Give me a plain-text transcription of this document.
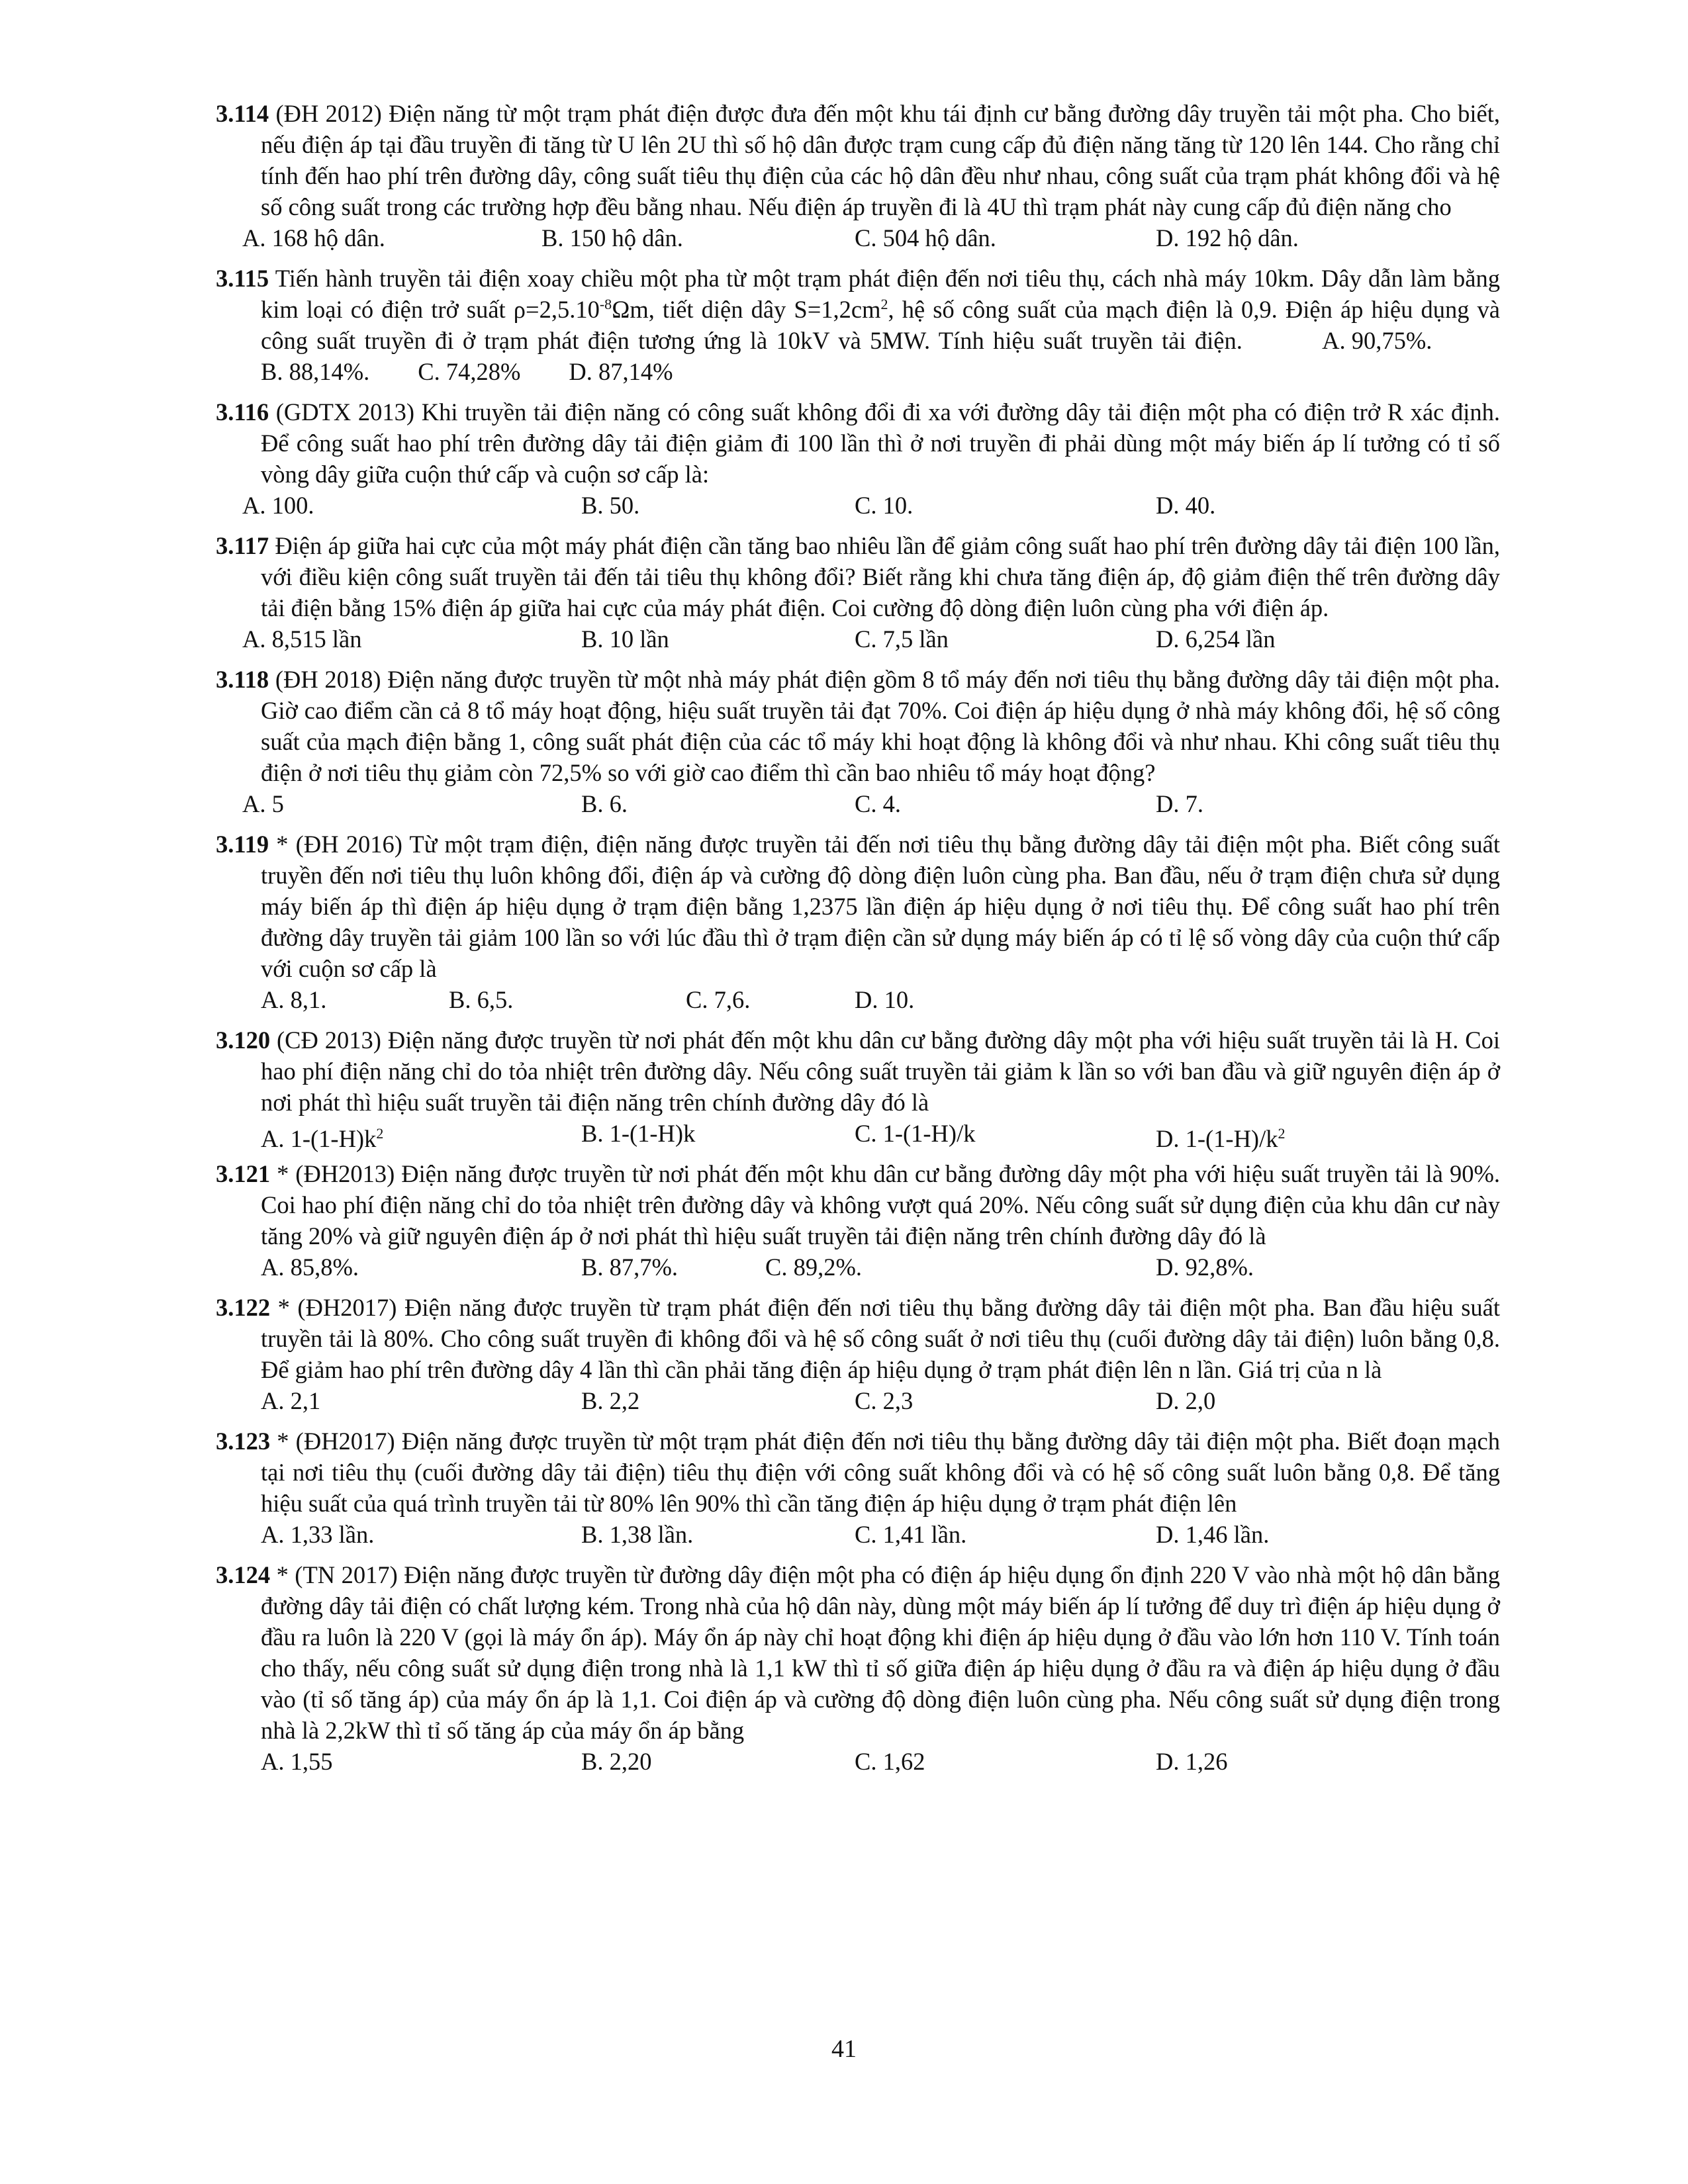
3.114 (ĐH 2012) Điện năng từ một trạm phát điện được đưa đến một khu tái định cư bằng đường dây truyền tải một pha. Cho biết, nếu điện áp tại đầu truyền đi tăng từ U lên 2U thì số hộ dân được trạm cung cấp đủ điện năng tăng từ 120 lên 144. Cho rằng chỉ tính đến hao phí trên đường dây, công suất tiêu thụ điện của các hộ dân đều như nhau, công suất của trạm phát không đổi và hệ số công suất trong các trường hợp đều bằng nhau. Nếu điện áp truyền đi là 4U thì trạm phát này cung cấp đủ điện năng cho
A. 168 hộ dân.	B. 150 hộ dân.	C. 504 hộ dân.	D. 192 hộ dân.
3.115 Tiến hành truyền tải điện xoay chiều một pha từ một trạm phát điện đến nơi tiêu thụ, cách nhà máy 10km. Dây dẫn làm bằng kim loại có điện trở suất $\rho=2,5.10^{-8}\Omega m$, tiết diện dây $S=1,2cm^2$, hệ số công suất của mạch điện là 0,9. Điện áp hiệu dụng và công suất truyền đi ở trạm phát điện tương ứng là 10kV và 5MW. Tính hiệu suất truyền tải điện.	A. 90,75%.        B. 88,14%. C. 74,28% D. 87,14%
3.116 (GDTX 2013) Khi truyền tải điện năng có công suất không đổi đi xa với đường dây tải điện một pha có điện trở R xác định. Để công suất hao phí trên đường dây tải điện giảm đi 100 lần thì ở nơi truyền đi phải dùng một máy biến áp lí tưởng có tỉ số vòng dây giữa cuộn thứ cấp và cuộn sơ cấp là:
A. 100.	B. 50.	C. 10.	D. 40.
3.117 Điện áp giữa hai cực của một máy phát điện cần tăng bao nhiêu lần để giảm công suất hao phí trên đường dây tải điện 100 lần, với điều kiện công suất truyền tải đến tải tiêu thụ không đổi? Biết rằng khi chưa tăng điện áp, độ giảm điện thế trên đường dây tải điện bằng 15% điện áp giữa hai cực của máy phát điện. Coi cường độ dòng điện luôn cùng pha với điện áp.
A. 8,515 lần	B. 10 lần	C. 7,5 lần	D. 6,254 lần
3.118 (ĐH 2018) Điện năng được truyền từ một nhà máy phát điện gồm 8 tổ máy đến nơi tiêu thụ bằng đường dây tải điện một pha. Giờ cao điểm cần cả 8 tổ máy hoạt động, hiệu suất truyền tải đạt 70%. Coi điện áp hiệu dụng ở nhà máy không đổi, hệ số công suất của mạch điện bằng 1, công suất phát điện của các tổ máy khi hoạt động là không đổi và như nhau. Khi công suất tiêu thụ điện ở nơi tiêu thụ giảm còn 72,5% so với giờ cao điểm thì cần bao nhiêu tổ máy hoạt động?
A. 5	B. 6.	C. 4.	D. 7.
3.119 * (ĐH 2016) Từ một trạm điện, điện năng được truyền tải đến nơi tiêu thụ bằng đường dây tải điện một pha. Biết công suất truyền đến nơi tiêu thụ luôn không đổi, điện áp và cường độ dòng điện luôn cùng pha. Ban đầu, nếu ở trạm điện chưa sử dụng máy biến áp thì điện áp hiệu dụng ở trạm điện bằng 1,2375 lần điện áp hiệu dụng ở nơi tiêu thụ. Để công suất hao phí trên đường dây truyền tải giảm 100 lần so với lúc đầu thì ở trạm điện cần sử dụng máy biến áp có tỉ lệ số vòng dây của cuộn thứ cấp với cuộn sơ cấp là
A. 8,1.	B. 6,5.	C. 7,6.	D. 10.
3.120 (CĐ 2013) Điện năng được truyền từ nơi phát đến một khu dân cư bằng đường dây một pha với hiệu suất truyền tải là H. Coi hao phí điện năng chỉ do tỏa nhiệt trên đường dây. Nếu công suất truyền tải giảm k lần so với ban đầu và giữ nguyên điện áp ở nơi phát thì hiệu suất truyền tải điện năng trên chính đường dây đó là
A. $1-(1-H)k^2$	B. 1-(1-H)k	C. 1-(1-H)/k	D. $1-(1-H)/k^2$
3.121 * (ĐH2013) Điện năng được truyền từ nơi phát đến một khu dân cư bằng đường dây một pha với hiệu suất truyền tải là 90%. Coi hao phí điện năng chỉ do tỏa nhiệt trên đường dây và không vượt quá 20%. Nếu công suất sử dụng điện của khu dân cư này tăng 20% và giữ nguyên điện áp ở nơi phát thì hiệu suất truyền tải điện năng trên chính đường dây đó là
A. 85,8%.	B. 87,7%.	C. 89,2%.	D. 92,8%.
3.122 * (ĐH2017) Điện năng được truyền từ trạm phát điện đến nơi tiêu thụ bằng đường dây tải điện một pha. Ban đầu hiệu suất truyền tải là 80%. Cho công suất truyền đi không đổi và hệ số công suất ở nơi tiêu thụ (cuối đường dây tải điện) luôn bằng 0,8. Để giảm hao phí trên đường dây 4 lần thì cần phải tăng điện áp hiệu dụng ở trạm phát điện lên n lần. Giá trị của n là
A. 2,1	B. 2,2	C. 2,3	D. 2,0
3.123 * (ĐH2017) Điện năng được truyền từ một trạm phát điện đến nơi tiêu thụ bằng đường dây tải điện một pha. Biết đoạn mạch tại nơi tiêu thụ (cuối đường dây tải điện) tiêu thụ điện với công suất không đổi và có hệ số công suất luôn bằng 0,8. Để tăng hiệu suất của quá trình truyền tải từ 80% lên 90% thì cần tăng điện áp hiệu dụng ở trạm phát điện lên
A. 1,33 lần.	B. 1,38 lần.	C. 1,41 lần.	D. 1,46 lần.
3.124 * (TN 2017) Điện năng được truyền từ đường dây điện một pha có điện áp hiệu dụng ổn định 220 V vào nhà một hộ dân bằng đường dây tải điện có chất lượng kém. Trong nhà của hộ dân này, dùng một máy biến áp lí tưởng để duy trì điện áp hiệu dụng ở đầu ra luôn là 220 V (gọi là máy ổn áp). Máy ổn áp này chỉ hoạt động khi điện áp hiệu dụng ở đầu vào lớn hơn 110 V. Tính toán cho thấy, nếu công suất sử dụng điện trong nhà là 1,1 kW thì tỉ số giữa điện áp hiệu dụng ở đầu ra và điện áp hiệu dụng ở đầu vào (tỉ số tăng áp) của máy ổn áp là 1,1. Coi điện áp và cường độ dòng điện luôn cùng pha. Nếu công suất sử dụng điện trong nhà là 2,2kW thì tỉ số tăng áp của máy ổn áp bằng
A. 1,55	B. 2,20	C. 1,62	D. 1,26
41
